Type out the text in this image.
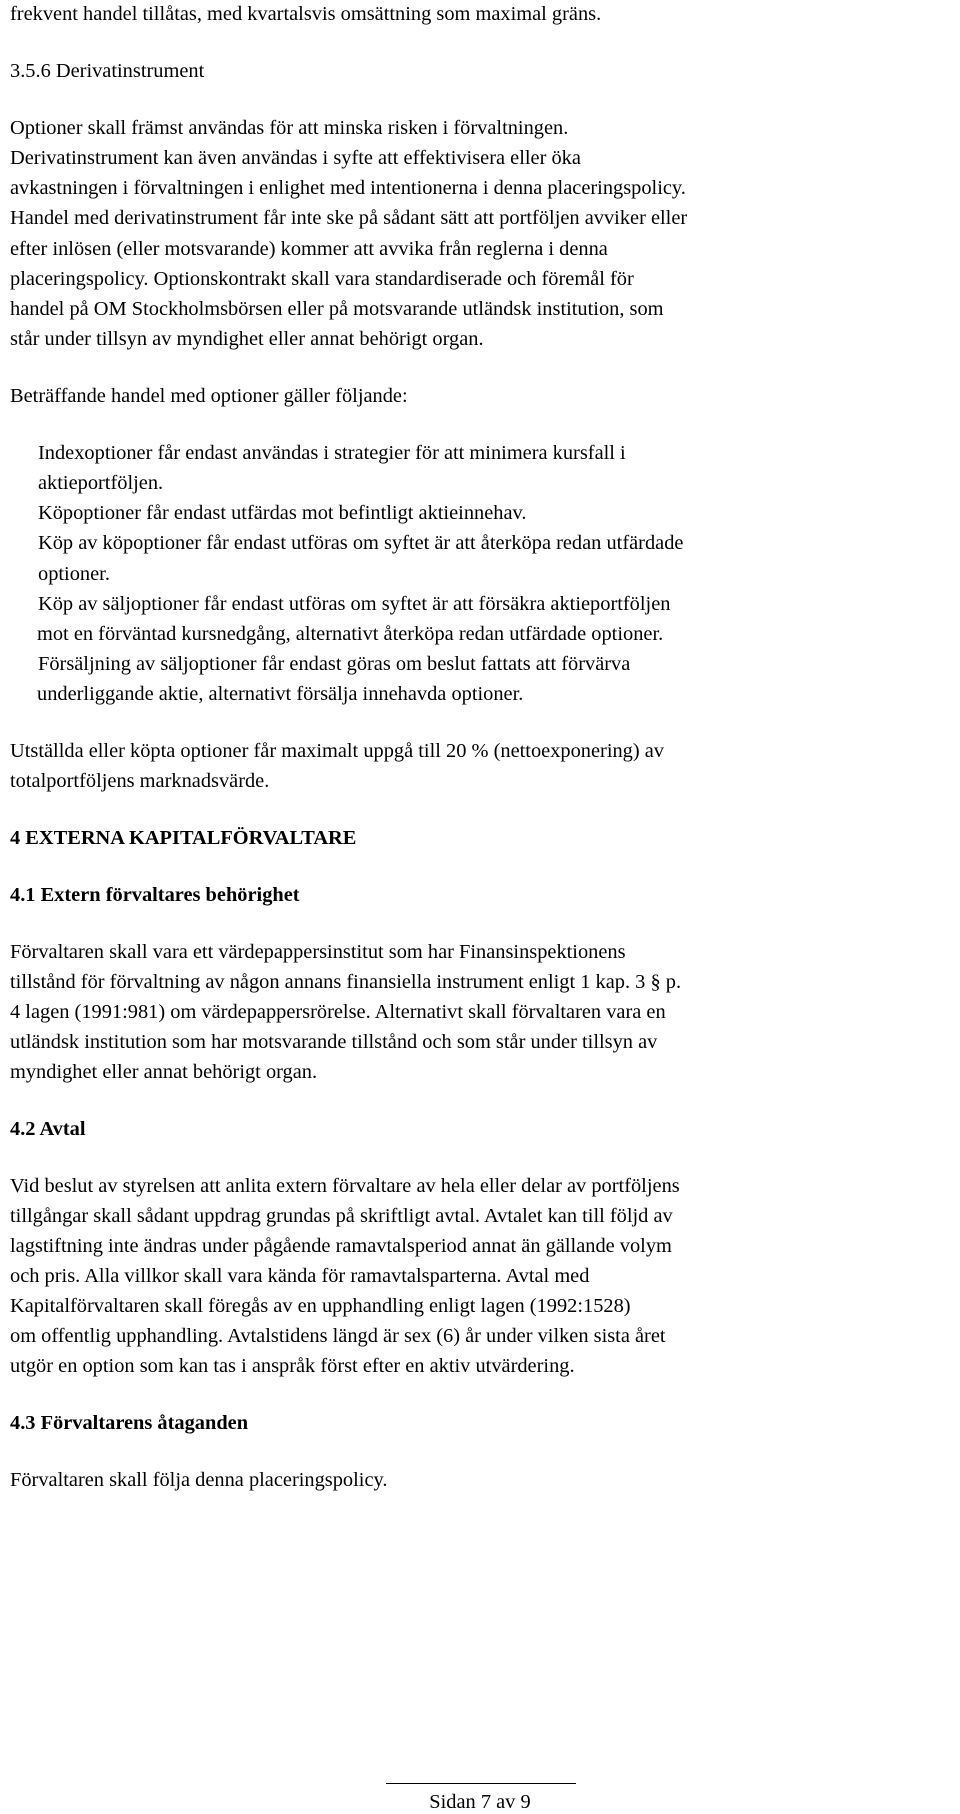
frekvent handel tillåtas, med kvartalsvis omsättning som maximal gräns.
3.5.6 Derivatinstrument
Optioner skall främst användas för att minska risken i förvaltningen.
Derivatinstrument kan även användas i syfte att effektivisera eller öka
avkastningen i förvaltningen i enlighet med intentionerna i denna placeringspolicy.
Handel med derivatinstrument får inte ske på sådant sätt att portföljen avviker eller
efter inlösen (eller motsvarande) kommer att avvika från reglerna i denna
placeringspolicy. Optionskontrakt skall vara standardiserade och föremål för
handel på OM Stockholmsbörsen eller på motsvarande utländsk institution, som
står under tillsyn av myndighet eller annat behörigt organ.
Beträffande handel med optioner gäller följande:
Indexoptioner får endast användas i strategier för att minimera kursfall i
aktieportföljen.
Köpoptioner får endast utfärdas mot befintligt aktieinnehav.
Köp av köpoptioner får endast utföras om syftet är att återköpa redan utfärdade
optioner.
Köp av säljoptioner får endast utföras om syftet är att försäkra aktieportföljen
mot en förväntad kursnedgång, alternativt återköpa redan utfärdade optioner.
Försäljning av säljoptioner får endast göras om beslut fattats att förvärva
underliggande aktie, alternativt försälja innehavda optioner.
Utställda eller köpta optioner får maximalt uppgå till 20 % (nettoexponering) av
totalportföljens marknadsvärde.
4 EXTERNA KAPITALFÖRVALTARE
4.1 Extern förvaltares behörighet
Förvaltaren skall vara ett värdepappersinstitut som har Finansinspektionens
tillstånd för förvaltning av någon annans finansiella instrument enligt 1 kap. 3 § p.
4 lagen (1991:981) om värdepappersrörelse. Alternativt skall förvaltaren vara en
utländsk institution som har motsvarande tillstånd och som står under tillsyn av
myndighet eller annat behörigt organ.
4.2 Avtal
Vid beslut av styrelsen att anlita extern förvaltare av hela eller delar av portföljens
tillgångar skall sådant uppdrag grundas på skriftligt avtal. Avtalet kan till följd av
lagstiftning inte ändras under pågående ramavtalsperiod annat än gällande volym
och pris. Alla villkor skall vara kända för ramavtalsparterna. Avtal med
Kapitalförvaltaren skall föregås av en upphandling enligt lagen (1992:1528)
om offentlig upphandling. Avtalstidens längd är sex (6) år under vilken sista året
utgör en option som kan tas i anspråk först efter en aktiv utvärdering.
4.3 Förvaltarens åtaganden
Förvaltaren skall följa denna placeringspolicy.
Sidan 7 av 9
